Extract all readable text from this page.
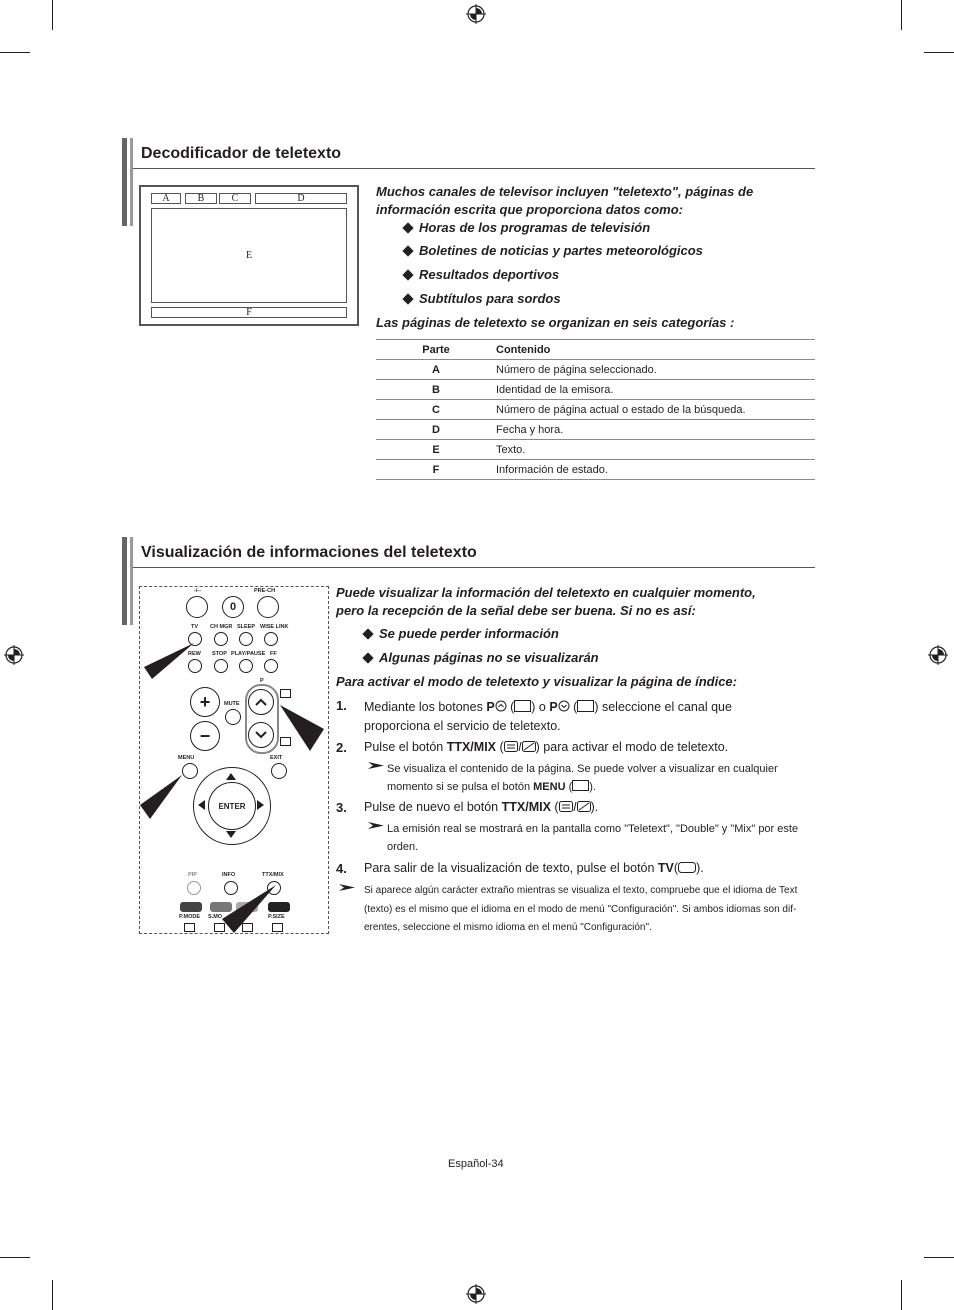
Decodificador de teletexto
A	B	C	D
E
F
Muchos canales de televisor incluyen "teletexto", páginas de información escrita que proporciona datos como:
Horas de los programas de televisión
Boletines de noticias y partes meteorológicos
Resultados deportivos
Subtítulos para sordos
Las páginas de teletexto se organizan en seis categorías :
Parte	Contenido
A	Número de página seleccionado.
B	Identidad de la emisora.
C	Número de página actual o estado de la búsqueda.
D	Fecha y hora.
E	Texto.
F	Información de estado.
Visualización de informaciones del teletexto
-/--	PRE-CH
0
TV CH MGR SLEEP WISE LINK
REW STOP PLAY/PAUSE FF
P
+
−
MUTE
MENU	EXIT
ENTER
PIP	INFO	TTX/MIX
P.MODE S.MO	P.SIZE
Puede visualizar la información del teletexto en cualquier momento, pero la recepción de la señal debe ser buena. Si no es así:
Se puede perder información
Algunas páginas no se visualizarán
Para activar el modo de teletexto y visualizar la página de índice:
1. Mediante los botones P ( ) o P ( ) seleccione el canal que
proporciona el servicio de teletexto.
2. Pulse el botón TTX/MIX (	) para activar el modo de teletexto.
Se visualiza el contenido de la página. Se puede volver a visualizar en cualquier
momento si se pulsa el botón MENU ( ).
3. Pulse de nuevo el botón TTX/MIX (	).
La emisión real se mostrará en la pantalla como "Teletext", "Double" y "Mix" por este
orden.
4. Para salir de la visualización de texto, pulse el botón TV( ).
Si aparece algún carácter extraño mientras se visualiza el texto, compruebe que el idioma de Text
(texto) es el mismo que el idioma en el modo de menú "Configuración". Si ambos idiomas son dif-
erentes, seleccione el mismo idioma en el menú "Configuración".
Español-34
